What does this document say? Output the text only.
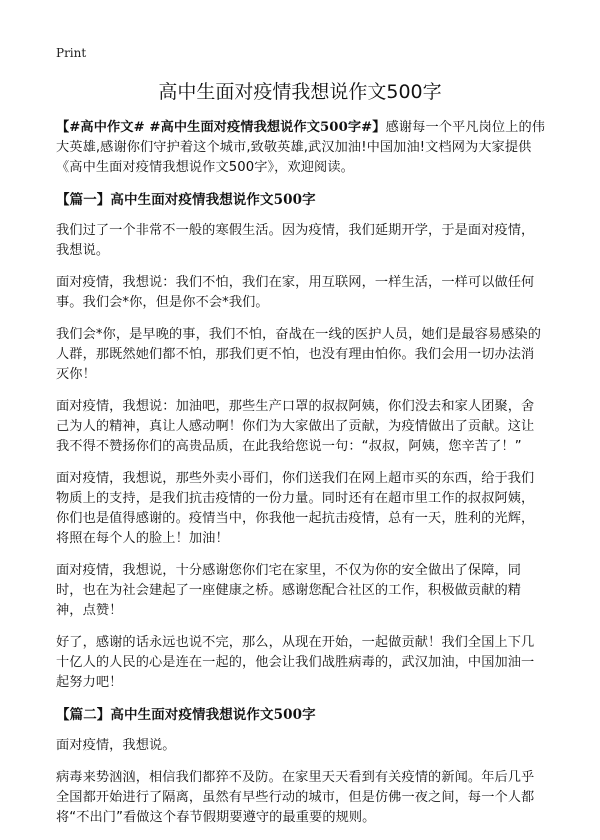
Print
高中生面对疫情我想说作文500字

【#高中作文# #高中生面对疫情我想说作文500字#】感谢每一个平凡岗位上的伟大英雄,感谢你们守护着这个城市,致敬英雄,武汉加油!中国加油!文档网为大家提供《高中生面对疫情我想说作文500字》，欢迎阅读。

【篇一】高中生面对疫情我想说作文500字

我们过了一个非常不一般的寒假生活。因为疫情，我们延期开学，于是面对疫情，我想说。

面对疫情，我想说：我们不怕，我们在家，用互联网，一样生活，一样可以做任何事。我们会*你，但是你不会*我们。

我们会*你，是早晚的事，我们不怕，奋战在一线的医护人员，她们是最容易感染的人群，那既然她们都不怕，那我们更不怕，也没有理由怕你。我们会用一切办法消灭你！

面对疫情，我想说：加油吧，那些生产口罩的叔叔阿姨，你们没去和家人团聚，舍己为人的精神，真让人感动啊！你们为大家做出了贡献，为疫情做出了贡献。这让我不得不赞扬你们的高贵品质，在此我给您说一句：“叔叔，阿姨，您辛苦了！”

面对疫情，我想说，那些外卖小哥们，你们送我们在网上超市买的东西，给于我们物质上的支持，是我们抗击疫情的一份力量。同时还有在超市里工作的叔叔阿姨，你们也是值得感谢的。疫情当中，你我他一起抗击疫情，总有一天，胜利的光辉，将照在每个人的脸上！加油！

面对疫情，我想说，十分感谢您你们宅在家里，不仅为你的安全做出了保障，同时，也在为社会建起了一座健康之桥。感谢您配合社区的工作，积极做贡献的精神，点赞！

好了，感谢的话永远也说不完，那么，从现在开始，一起做贡献！我们全国上下几十亿人的人民的心是连在一起的，他会让我们战胜病毒的，武汉加油，中国加油一起努力吧！

【篇二】高中生面对疫情我想说作文500字

面对疫情，我想说。

病毒来势汹汹，相信我们都猝不及防。在家里天天看到有关疫情的新闻。年后几乎全国都开始进行了隔离，虽然有早些行动的城市，但是仿佛一夜之间，每一个人都将“不出门”看做这个春节假期要遵守的最重要的规则。
